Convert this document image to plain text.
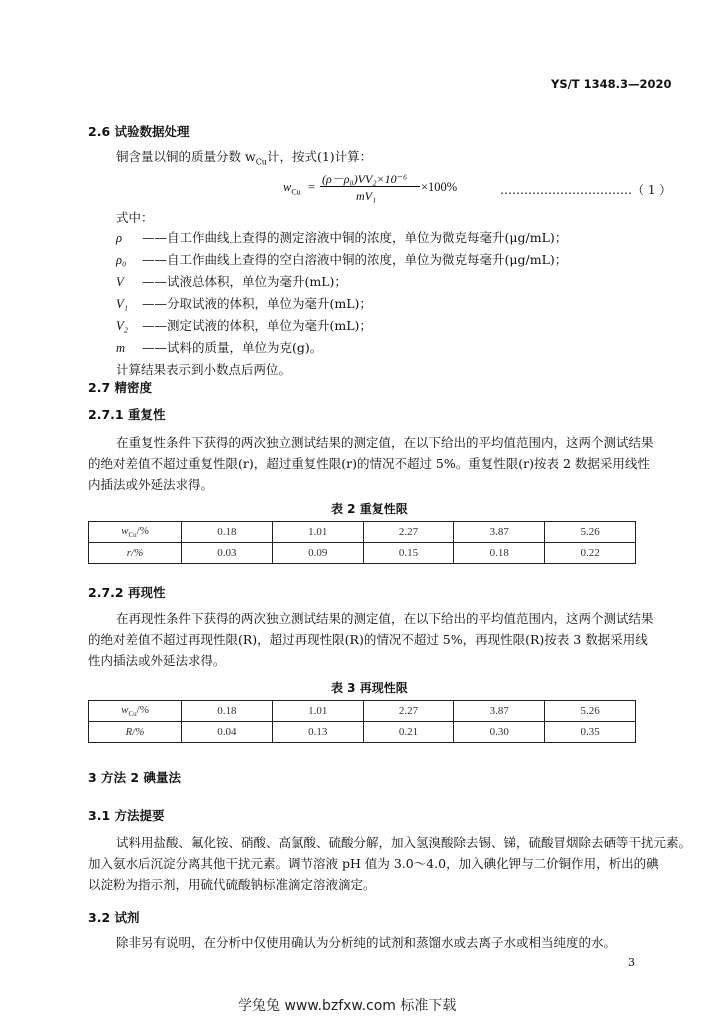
YS/T 1348.3—2020
2.6 试验数据处理
铜含量以铜的质量分数 $w_{Cu}$计，按式(1)计算：
$w_{Cu}$ =
(ρ－ρ₀)VV₂×10⁻⁶
mV₁
×100%	……………………………（ 1 ）
式中：
ρ ——自工作曲线上查得的测定溶液中铜的浓度，单位为微克每毫升(μg/mL)；
ρ₀ ——自工作曲线上查得的空白溶液中铜的浓度，单位为微克每毫升(μg/mL)；
V ——试液总体积，单位为毫升(mL)；
V₁ ——分取试液的体积，单位为毫升(mL)；
V₂ ——测定试液的体积，单位为毫升(mL)；
m ——试料的质量，单位为克(g)。
计算结果表示到小数点后两位。
2.7 精密度
2.7.1 重复性
在重复性条件下获得的两次独立测试结果的测定值，在以下给出的平均值范围内，这两个测试结果
的绝对差值不超过重复性限(r)，超过重复性限(r)的情况不超过 5%。重复性限(r)按表 2 数据采用线性
内插法或外延法求得。
表 2 重复性限
$w_{Cu}/\%$	0.18	1.01	2.27	3.87	5.26
r/%	0.03	0.09	0.15	0.18	0.22
2.7.2 再现性
在再现性条件下获得的两次独立测试结果的测定值，在以下给出的平均值范围内，这两个测试结果
的绝对差值不超过再现性限(R)，超过再现性限(R)的情况不超过 5%，再现性限(R)按表 3 数据采用线
性内插法或外延法求得。
表 3 再现性限
$w_{Cu}/\%$	0.18	1.01	2.27	3.87	5.26
R/%	0.04	0.13	0.21	0.30	0.35
3 方法 2 碘量法
3.1 方法提要
试料用盐酸、氟化铵、硝酸、高氯酸、硫酸分解，加入氢溴酸除去锡、锑，硫酸冒烟除去硒等干扰元素。
加入氨水后沉淀分离其他干扰元素。调节溶液 pH 值为 3.0～4.0，加入碘化钾与二价铜作用，析出的碘
以淀粉为指示剂，用硫代硫酸钠标准滴定溶液滴定。
3.2 试剂
除非另有说明，在分析中仅使用确认为分析纯的试剂和蒸馏水或去离子水或相当纯度的水。
3
学兔兔 www.bzfxw.com 标准下载
